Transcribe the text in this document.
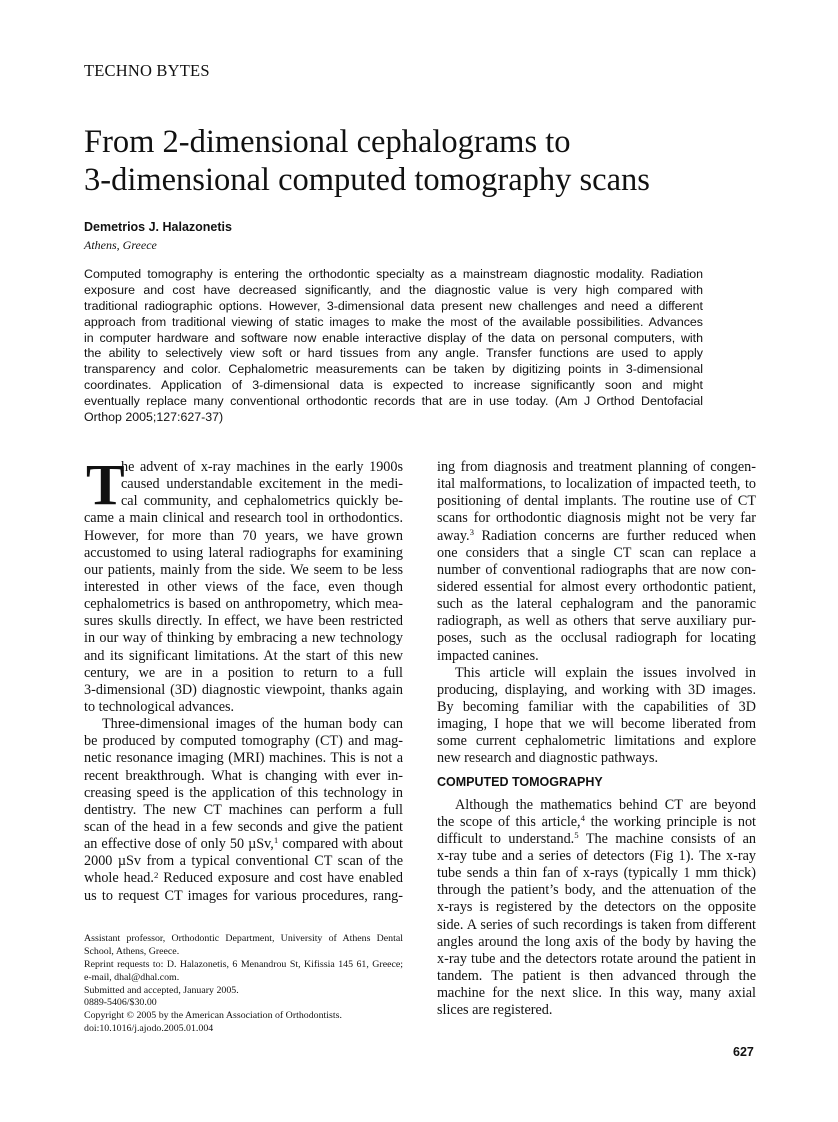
TECHNO BYTES
From 2-dimensional cephalograms to
3-dimensional computed tomography scans
Demetrios J. Halazonetis
Athens, Greece
Computed tomography is entering the orthodontic specialty as a mainstream diagnostic modality. Radiation
exposure and cost have decreased significantly, and the diagnostic value is very high compared with
traditional radiographic options. However, 3-dimensional data present new challenges and need a different
approach from traditional viewing of static images to make the most of the available possibilities. Advances
in computer hardware and software now enable interactive display of the data on personal computers, with
the ability to selectively view soft or hard tissues from any angle. Transfer functions are used to apply
transparency and color. Cephalometric measurements can be taken by digitizing points in 3-dimensional
coordinates. Application of 3-dimensional data is expected to increase significantly soon and might
eventually replace many conventional orthodontic records that are in use today. (Am J Orthod Dentofacial
Orthop 2005;127:627-37)
T
he advent of x-ray machines in the early 1900s
caused understandable excitement in the medi-
cal community, and cephalometrics quickly be-
came a main clinical and research tool in orthodontics.
However, for more than 70 years, we have grown
accustomed to using lateral radiographs for examining
our patients, mainly from the side. We seem to be less
interested in other views of the face, even though
cephalometrics is based on anthropometry, which mea-
sures skulls directly. In effect, we have been restricted
in our way of thinking by embracing a new technology
and its significant limitations. At the start of this new
century, we are in a position to return to a full
3-dimensional (3D) diagnostic viewpoint, thanks again
to technological advances.
Three-dimensional images of the human body can
be produced by computed tomography (CT) and mag-
netic resonance imaging (MRI) machines. This is not a
recent breakthrough. What is changing with ever in-
creasing speed is the application of this technology in
dentistry. The new CT machines can perform a full
scan of the head in a few seconds and give the patient
an effective dose of only 50 µSv,$^1$ compared with about
2000 µSv from a typical conventional CT scan of the
whole head.$^2$ Reduced exposure and cost have enabled
us to request CT images for various procedures, rang-
ing from diagnosis and treatment planning of congen-
ital malformations, to localization of impacted teeth, to
positioning of dental implants. The routine use of CT
scans for orthodontic diagnosis might not be very far
away.$^3$ Radiation concerns are further reduced when
one considers that a single CT scan can replace a
number of conventional radiographs that are now con-
sidered essential for almost every orthodontic patient,
such as the lateral cephalogram and the panoramic
radiograph, as well as others that serve auxiliary pur-
poses, such as the occlusal radiograph for locating
impacted canines.
This article will explain the issues involved in
producing, displaying, and working with 3D images.
By becoming familiar with the capabilities of 3D
imaging, I hope that we will become liberated from
some current cephalometric limitations and explore
new research and diagnostic pathways.
COMPUTED TOMOGRAPHY
Although the mathematics behind CT are beyond
the scope of this article,$^4$ the working principle is not
difficult to understand.$^5$ The machine consists of an
x-ray tube and a series of detectors (Fig 1). The x-ray
tube sends a thin fan of x-rays (typically 1 mm thick)
through the patient’s body, and the attenuation of the
x-rays is registered by the detectors on the opposite
side. A series of such recordings is taken from different
angles around the long axis of the body by having the
x-ray tube and the detectors rotate around the patient in
tandem. The patient is then advanced through the
machine for the next slice. In this way, many axial
slices are registered.
Assistant professor, Orthodontic Department, University of Athens Dental
School, Athens, Greece.
Reprint requests to: D. Halazonetis, 6 Menandrou St, Kifissia 145 61, Greece;
e-mail, dhal@dhal.com.
Submitted and accepted, January 2005.
0889-5406/$30.00
Copyright © 2005 by the American Association of Orthodontists.
doi:10.1016/j.ajodo.2005.01.004
627
